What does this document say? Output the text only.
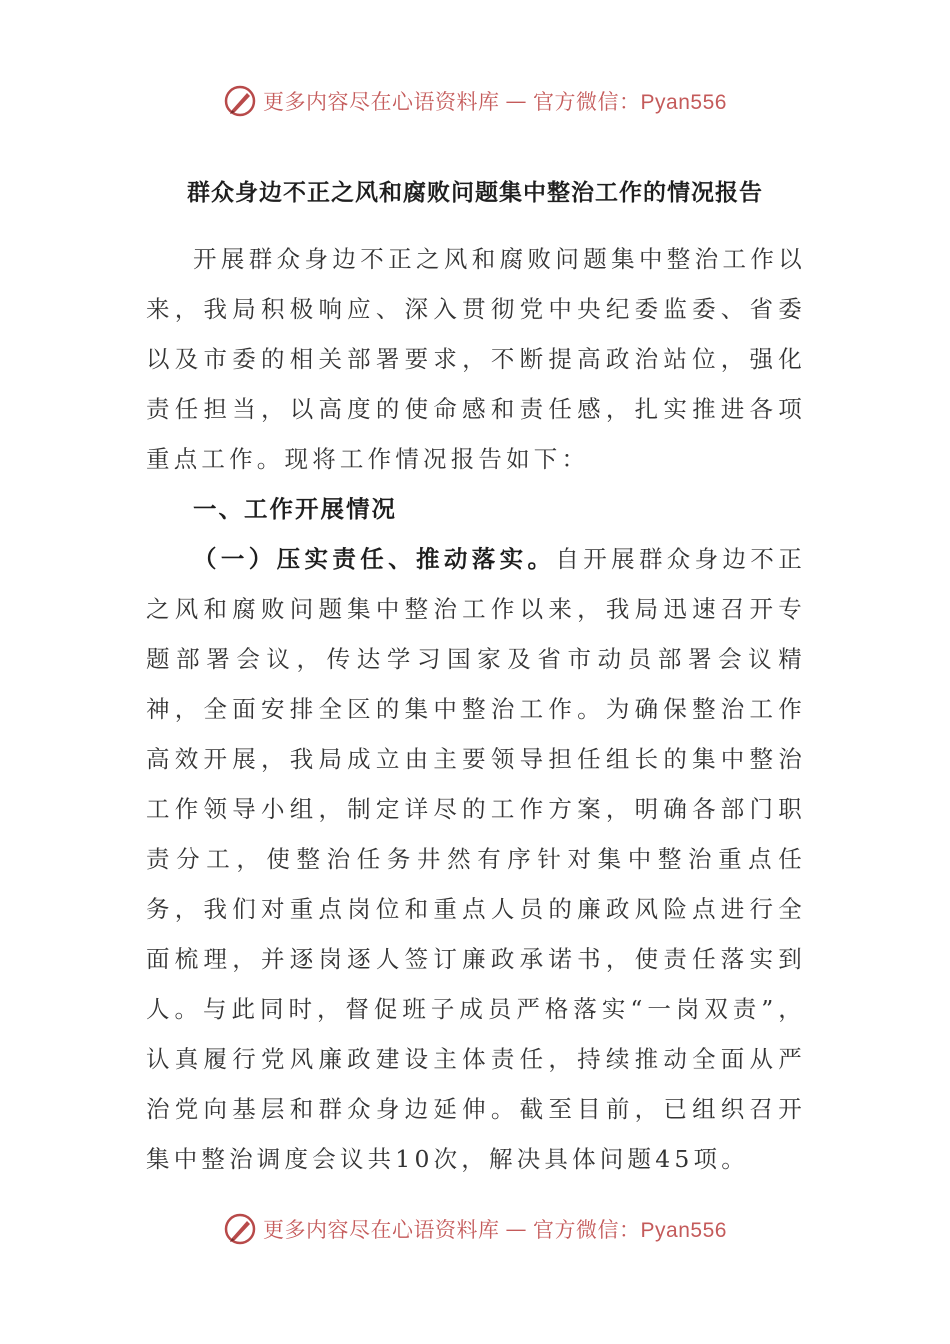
更多内容尽在心语资料库 — 官方微信：Pyan556
群众身边不正之风和腐败问题集中整治工作的情况报告

开展群众身边不正之风和腐败问题集中整治工作以来，我局积极响应、深入贯彻党中央纪委监委、省委以及市委的相关部署要求，不断提高政治站位，强化责任担当，以高度的使命感和责任感，扎实推进各项重点工作。现将工作情况报告如下：

一、工作开展情况

（一）压实责任、推动落实。自开展群众身边不正之风和腐败问题集中整治工作以来，我局迅速召开专题部署会议，传达学习国家及省市动员部署会议精神，全面安排全区的集中整治工作。为确保整治工作高效开展，我局成立由主要领导担任组长的集中整治工作领导小组，制定详尽的工作方案，明确各部门职责分工，使整治任务井然有序针对集中整治重点任务，我们对重点岗位和重点人员的廉政风险点进行全面梳理，并逐岗逐人签订廉政承诺书，使责任落实到人。与此同时，督促班子成员严格落实“一岗双责”，认真履行党风廉政建设主体责任，持续推动全面从严治党向基层和群众身边延伸。截至目前，已组织召开集中整治调度会议共10次，解决具体问题45项。

更多内容尽在心语资料库 — 官方微信：Pyan556
